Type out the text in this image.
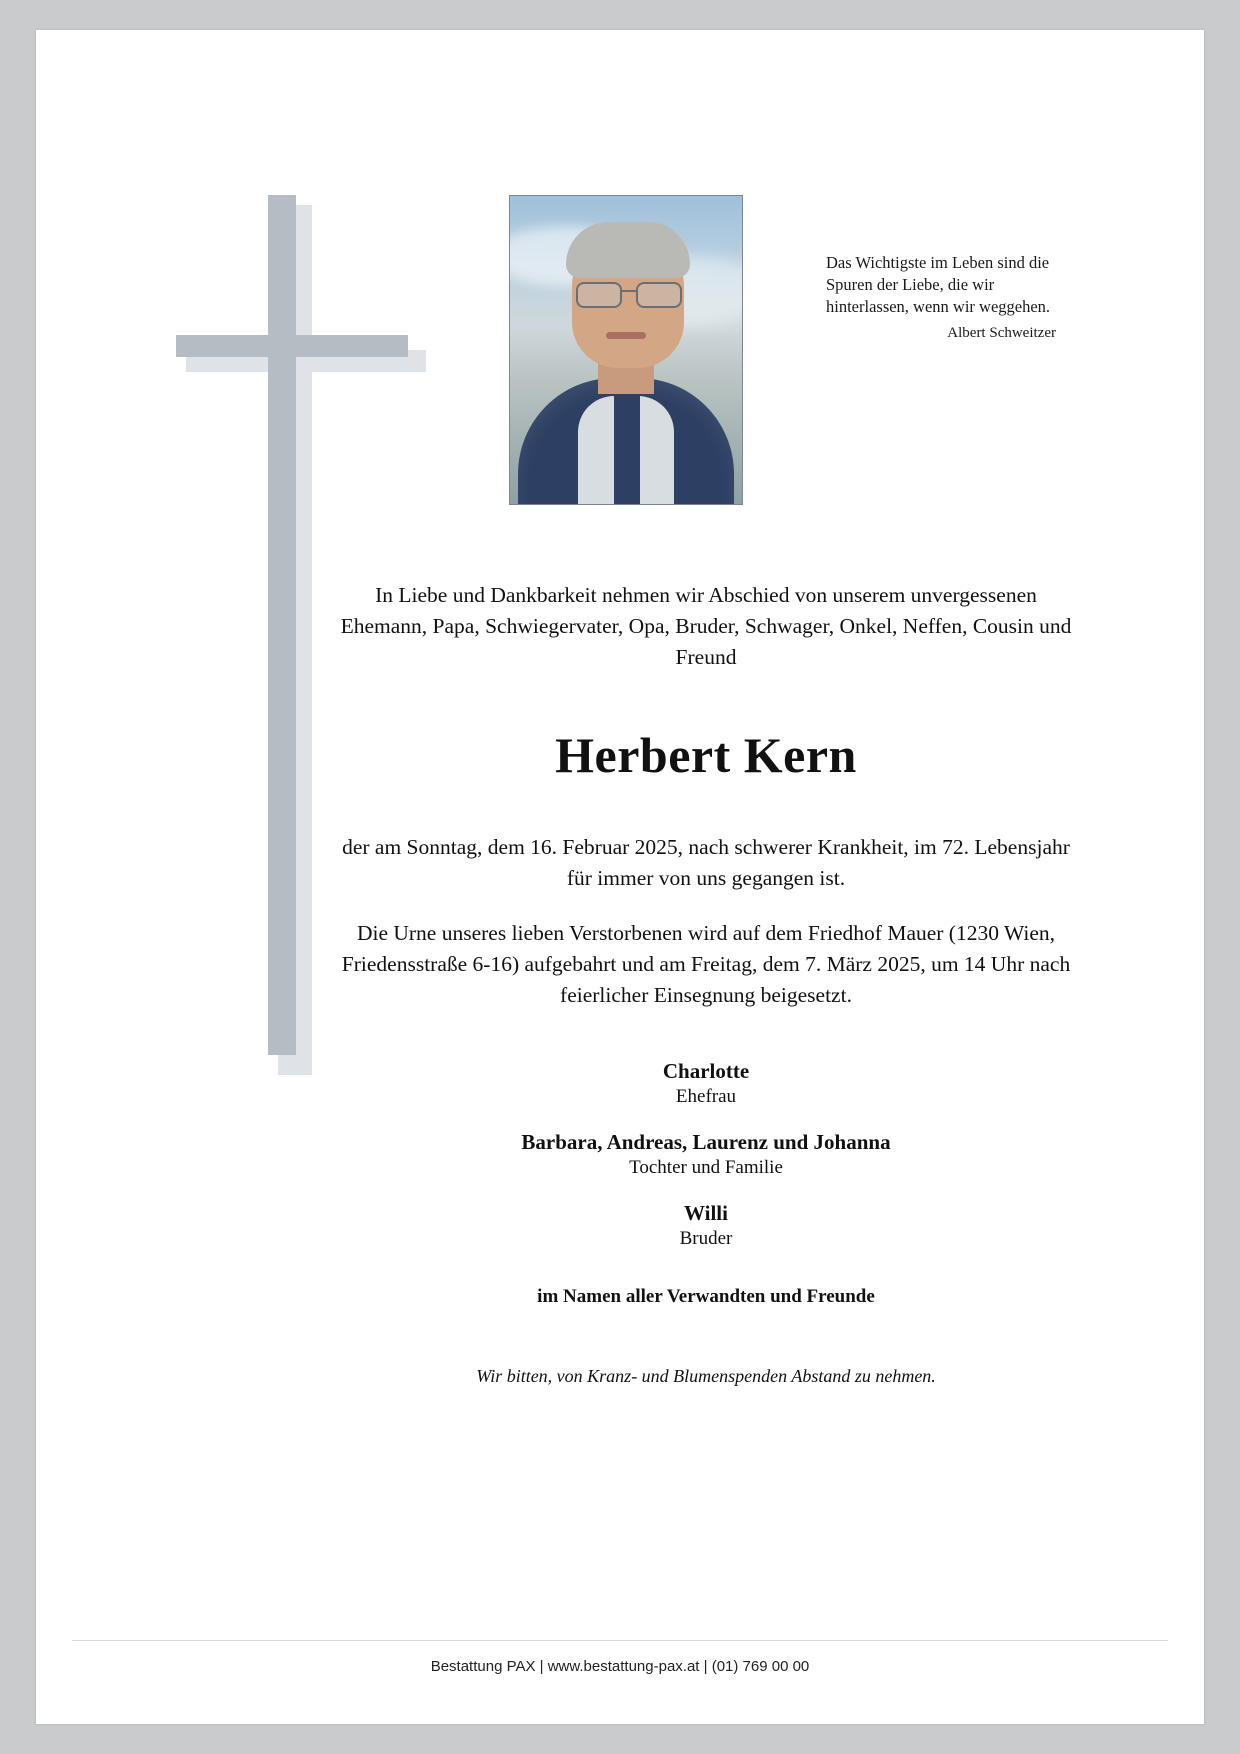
Das Wichtigste im Leben sind die Spuren der Liebe, die wir hinterlassen, wenn wir weggehen.
Albert Schweitzer
In Liebe und Dankbarkeit nehmen wir Abschied von unserem unvergessenen Ehemann, Papa, Schwiegervater, Opa, Bruder, Schwager, Onkel, Neffen, Cousin und Freund
Herbert Kern
der am Sonntag, dem 16. Februar 2025, nach schwerer Krankheit, im 72. Lebensjahr für immer von uns gegangen ist.
Die Urne unseres lieben Verstorbenen wird auf dem Friedhof Mauer (1230 Wien, Friedensstraße 6-16) aufgebahrt und am Freitag, dem 7. März 2025, um 14 Uhr nach feierlicher Einsegnung beigesetzt.
Charlotte
Ehefrau
Barbara, Andreas, Laurenz und Johanna
Tochter und Familie
Willi
Bruder
im Namen aller Verwandten und Freunde
Wir bitten, von Kranz- und Blumenspenden Abstand zu nehmen.
Bestattung PAX | www.bestattung-pax.at | (01) 769 00 00
